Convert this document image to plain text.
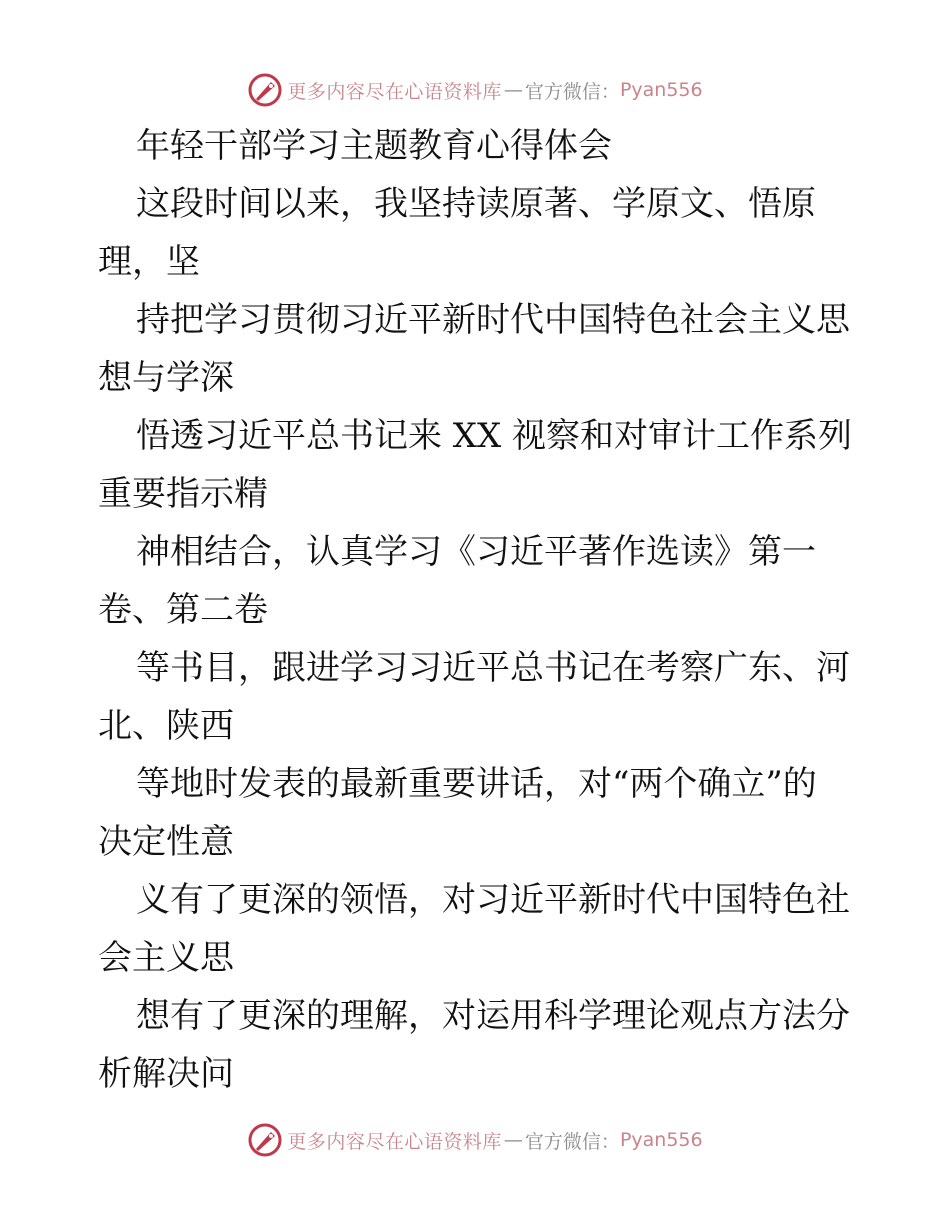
更多内容尽在心语资料库 — 官方微信： Pyan556
年轻干部学习主题教育心得体会
这段时间以来，我坚持读原著、学原文、悟原
理，坚
持把学习贯彻习近平新时代中国特色社会主义思
想与学深
悟透习近平总书记来 XX 视察和对审计工作系列
重要指示精
神相结合，认真学习《习近平著作选读》第一
卷、第二卷
等书目，跟进学习习近平总书记在考察广东、河
北、陕西
等地时发表的最新重要讲话，对“两个确立”的
决定性意
义有了更深的领悟，对习近平新时代中国特色社
会主义思
想有了更深的理解，对运用科学理论观点方法分
析解决问
更多内容尽在心语资料库 — 官方微信： Pyan556
